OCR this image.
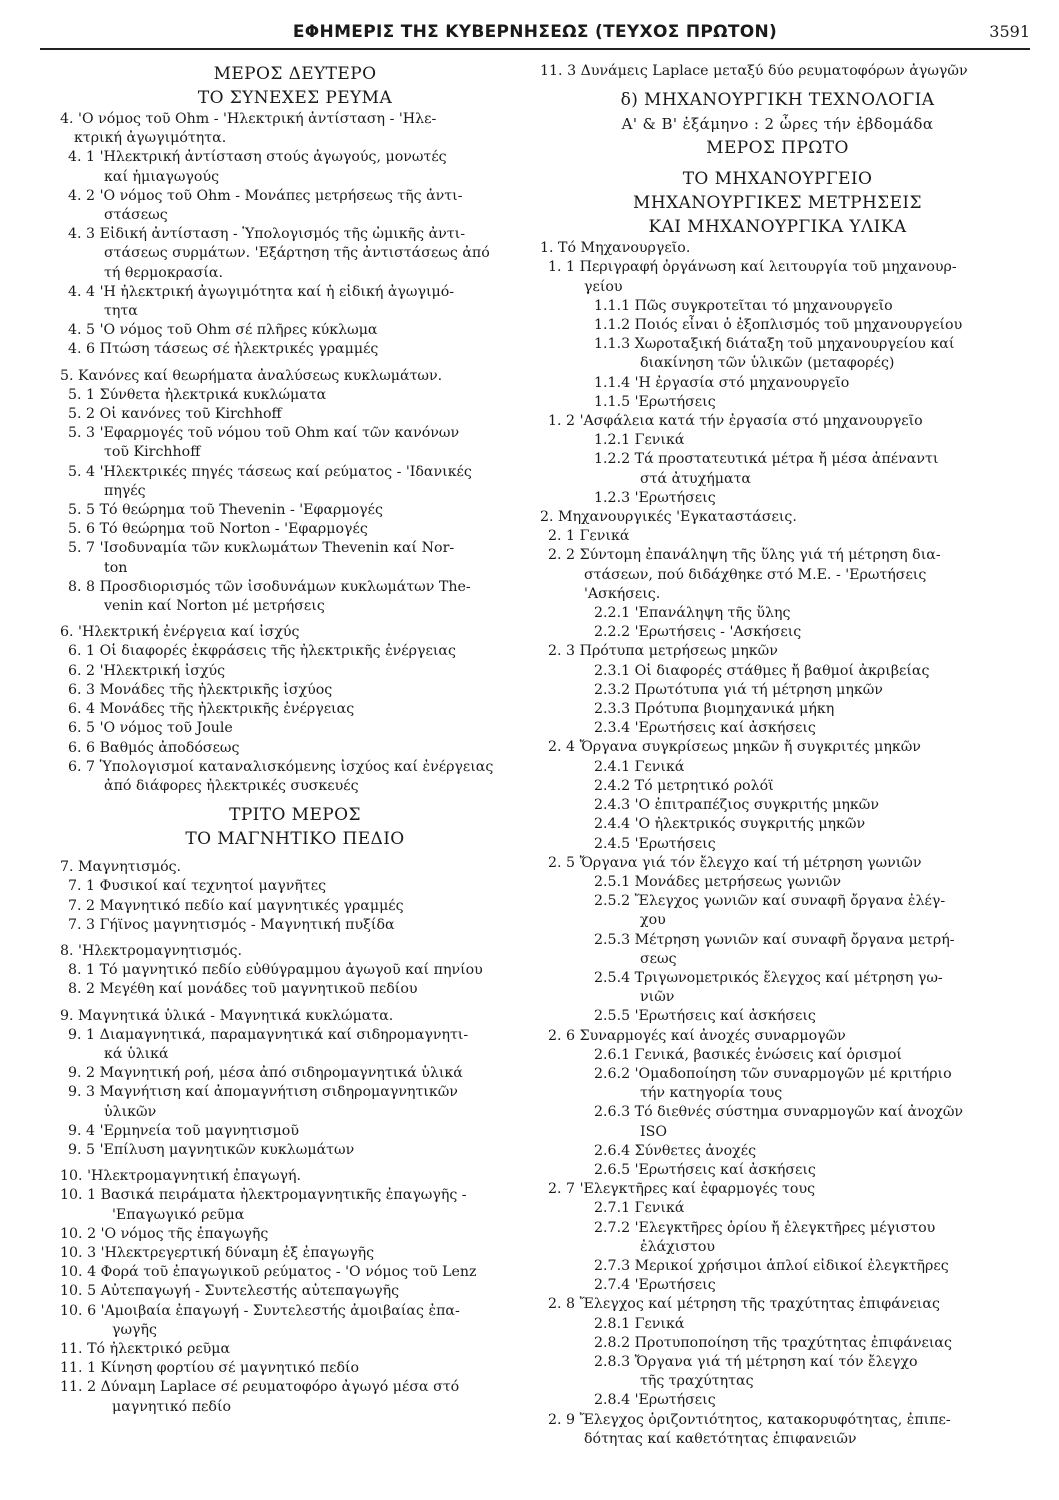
ΕΦΗΜΕΡΙΣ ΤΗΣ ΚΥΒΕΡΝΗΣΕΩΣ (ΤΕΥΧΟΣ ΠΡΩΤΟΝ)	3591
ΜΕΡΟΣ ΔΕΥΤΕΡΟ
ΤΟ ΣΥΝΕΧΕΣ ΡΕΥΜΑ
4. 'Ο νόμος τοῦ Ohm - 'Ηλεκτρική ἀντίσταση - 'Ηλε-
κτρική ἀγωγιμότητα.
4. 1 'Ηλεκτρική ἀντίσταση στούς ἀγωγούς, μονωτές
καί ἡμιαγωγούς
4. 2 'Ο νόμος τοῦ Ohm - Μονάπες μετρήσεως τῆς ἀντι-
στάσεως
4. 3 Εἰδική ἀντίσταση - Ὑπολογισμός τῆς ὠμικῆς ἀντι-
στάσεως συρμάτων. 'Εξάρτηση τῆς ἀντιστάσεως ἀπό
τή θερμοκρασία.
4. 4 'Η ἠλεκτρική ἀγωγιμότητα καί ἡ εἰδική ἀγωγιμό-
τητα
4. 5 'Ο νόμος τοῦ Ohm σέ πλῆρες κύκλωμα
4. 6 Πτώση τάσεως σέ ἠλεκτρικές γραμμές
5. Κανόνες καί θεωρήματα ἀναλύσεως κυκλωμάτων.
5. 1 Σύνθετα ἠλεκτρικά κυκλώματα
5. 2 Οἱ κανόνες τοῦ Kirchhoff
5. 3 'Εφαρμογές τοῦ νόμου τοῦ Ohm καί τῶν κανόνων
τοῦ Kirchhoff
5. 4 'Ηλεκτρικές πηγές τάσεως καί ρεύματος - 'Ιδανικές
πηγές
5. 5 Τό θεώρημα τοῦ Thevenin - 'Εφαρμογές
5. 6 Τό θεώρημα τοῦ Norton - 'Εφαρμογές
5. 7 'Ισοδυναμία τῶν κυκλωμάτων Thevenin καί Nor-
ton
8. 8 Προσδιορισμός τῶν ἰσοδυνάμων κυκλωμάτων The-
venin καί Norton μέ μετρήσεις
6. 'Ηλεκτρική ἐνέργεια καί ἰσχύς
6. 1 Οἱ διαφορές ἐκφράσεις τῆς ἠλεκτρικῆς ἐνέργειας
6. 2 'Ηλεκτρική ἰσχύς
6. 3 Μονάδες τῆς ἠλεκτρικῆς ἰσχύος
6. 4 Μονάδες τῆς ἠλεκτρικῆς ἐνέργειας
6. 5 'Ο νόμος τοῦ Joule
6. 6 Βαθμός ἀποδόσεως
6. 7 Ὑπολογισμοί καταναλισκόμενης ἰσχύος καί ἐνέργειας
ἀπό διάφορες ἠλεκτρικές συσκευές
ΤΡΙΤΟ ΜΕΡΟΣ
ΤΟ ΜΑΓΝΗΤΙΚΟ ΠΕΔΙΟ
7. Μαγνητισμός.
7. 1 Φυσικοί καί τεχνητοί μαγνῆτες
7. 2 Μαγνητικό πεδίο καί μαγνητικές γραμμές
7. 3 Γήϊνος μαγνητισμός - Μαγνητική πυξίδα
8. 'Ηλεκτρομαγνητισμός.
8. 1 Τό μαγνητικό πεδίο εὐθύγραμμου ἀγωγοῦ καί πηνίου
8. 2 Μεγέθη καί μονάδες τοῦ μαγνητικοῦ πεδίου
9. Μαγνητικά ὑλικά - Μαγνητικά κυκλώματα.
9. 1 Διαμαγνητικά, παραμαγνητικά καί σιδηρομαγνητι-
κά ὑλικά
9. 2 Μαγνητική ροή, μέσα ἀπό σιδηρομαγνητικά ὑλικά
9. 3 Μαγνήτιση καί ἀπομαγνήτιση σιδηρομαγνητικῶν
ὑλικῶν
9. 4 'Ερμηνεία τοῦ μαγνητισμοῦ
9. 5 'Επίλυση μαγνητικῶν κυκλωμάτων
10. 'Ηλεκτρομαγνητική ἐπαγωγή.
10. 1 Βασικά πειράματα ἠλεκτρομαγνητικῆς ἐπαγωγῆς -
'Επαγωγικό ρεῦμα
10. 2 'Ο νόμος τῆς ἐπαγωγῆς
10. 3 'Ηλεκτρεγερτική δύναμη ἐξ ἐπαγωγῆς
10. 4 Φορά τοῦ ἐπαγωγικοῦ ρεύματος - 'Ο νόμος τοῦ Lenz
10. 5 Αὐτεπαγωγή - Συντελεστής αὐτεπαγωγῆς
10. 6 'Αμοιβαία ἐπαγωγή - Συντελεστής ἀμοιβαίας ἐπα-
γωγῆς
11. Τό ἠλεκτρικό ρεῦμα
11. 1 Κίνηση φορτίου σέ μαγνητικό πεδίο
11. 2 Δύναμη Laplace σέ ρευματοφόρο ἀγωγό μέσα στό
μαγνητικό πεδίο
11. 3 Δυνάμεις Laplace μεταξύ δύο ρευματοφόρων ἀγωγῶν
δ) ΜΗΧΑΝΟΥΡΓΙΚΗ ΤΕΧΝΟΛΟΓΙΑ
Α' & Β' ἑξάμηνο : 2 ὧρες τήν ἑβδομάδα
ΜΕΡΟΣ ΠΡΩΤΟ
ΤΟ ΜΗΧΑΝΟΥΡΓΕΙΟ
ΜΗΧΑΝΟΥΡΓΙΚΕΣ ΜΕΤΡΗΣΕΙΣ
ΚΑΙ ΜΗΧΑΝΟΥΡΓΙΚΑ ΥΛΙΚΑ
1. Τό Μηχανουργεῖο.
1. 1 Περιγραφή ὀργάνωση καί λειτουργία τοῦ μηχανουρ-
γείου
1.1.1 Πῶς συγκροτεῖται τό μηχανουργεῖο
1.1.2 Ποιός εἶναι ὁ ἐξοπλισμός τοῦ μηχανουργείου
1.1.3 Χωροταξική διάταξη τοῦ μηχανουργείου καί
διακίνηση τῶν ὑλικῶν (μεταφορές)
1.1.4 'Η ἐργασία στό μηχανουργεῖο
1.1.5 'Ερωτήσεις
1. 2 'Ασφάλεια κατά τήν ἐργασία στό μηχανουργεῖο
1.2.1 Γενικά
1.2.2 Τά προστατευτικά μέτρα ἤ μέσα ἀπέναντι
στά ἀτυχήματα
1.2.3 'Ερωτήσεις
2. Μηχανουργικές 'Εγκαταστάσεις.
2. 1 Γενικά
2. 2 Σύντομη ἐπανάληψη τῆς ὕλης γιά τή μέτρηση δια-
στάσεων, πού διδάχθηκε στό Μ.Ε. - 'Ερωτήσεις
'Ασκήσεις.
2.2.1 'Επανάληψη τῆς ὕλης
2.2.2 'Ερωτήσεις - 'Ασκήσεις
2. 3 Πρότυπα μετρήσεως μηκῶν
2.3.1 Οἱ διαφορές στάθμες ἤ βαθμοί ἀκριβείας
2.3.2 Πρωτότυπα γιά τή μέτρηση μηκῶν
2.3.3 Πρότυπα βιομηχανικά μήκη
2.3.4 'Ερωτήσεις καί ἀσκήσεις
2. 4 Ὄργανα συγκρίσεως μηκῶν ἤ συγκριτές μηκῶν
2.4.1 Γενικά
2.4.2 Τό μετρητικό ρολόϊ
2.4.3 'Ο ἐπιτραπέζιος συγκριτής μηκῶν
2.4.4 'Ο ἠλεκτρικός συγκριτής μηκῶν
2.4.5 'Ερωτήσεις
2. 5 Ὄργανα γιά τόν ἔλεγχο καί τή μέτρηση γωνιῶν
2.5.1 Μονάδες μετρήσεως γωνιῶν
2.5.2 Ἔλεγχος γωνιῶν καί συναφῆ ὄργανα ἐλέγ-
χου
2.5.3 Μέτρηση γωνιῶν καί συναφῆ ὄργανα μετρή-
σεως
2.5.4 Τριγωνομετρικός ἔλεγχος καί μέτρηση γω-
νιῶν
2.5.5 'Ερωτήσεις καί ἀσκήσεις
2. 6 Συναρμογές καί ἀνοχές συναρμογῶν
2.6.1 Γενικά, βασικές ἑνώσεις καί ὁρισμοί
2.6.2 'Ομαδοποίηση τῶν συναρμογῶν μέ κριτήριο
τήν κατηγορία τους
2.6.3 Τό διεθνές σύστημα συναρμογῶν καί ἀνοχῶν
ISO
2.6.4 Σύνθετες ἀνοχές
2.6.5 'Ερωτήσεις καί ἀσκήσεις
2. 7 'Ελεγκτῆρες καί ἐφαρμογές τους
2.7.1 Γενικά
2.7.2 'Ελεγκτῆρες ὁρίου ἤ ἐλεγκτῆρες μέγιστου
ἐλάχιστου
2.7.3 Μερικοί χρήσιμοι ἁπλοί εἰδικοί ἐλεγκτῆρες
2.7.4 'Ερωτήσεις
2. 8 Ἔλεγχος καί μέτρηση τῆς τραχύτητας ἐπιφάνειας
2.8.1 Γενικά
2.8.2 Προτυποποίηση τῆς τραχύτητας ἐπιφάνειας
2.8.3 Ὄργανα γιά τή μέτρηση καί τόν ἔλεγχο
τῆς τραχύτητας
2.8.4 'Ερωτήσεις
2. 9 Ἔλεγχος ὁριζοντιότητος, κατακορυφότητας, ἐπιπε-
δότητας καί καθετότητας ἐπιφανειῶν
